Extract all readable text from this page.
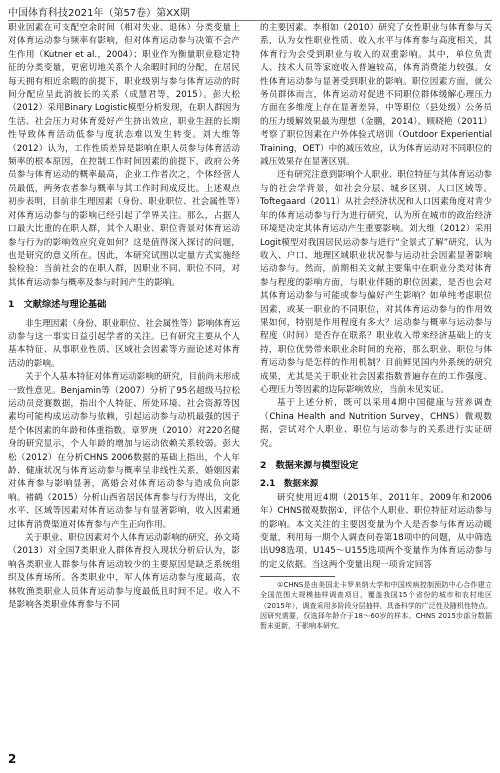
中国体育科技2021年（第57卷）第XX期

职业因素在可支配空余时间（相对失业、退休）分类变量上对体育运动参与频率有影响，但对体育运动参与决策不会产生作用（Kutner et al.，2004）；职业作为衡量职业稳定特征的分类变量，更密切地关系个人余暇时间的分配，在居民每天拥有相近余暇的前提下，职业级别与参与体育运动的时间分配应呈此消彼长的关系（成慧君等，2015）。彭大松（2012）采用Binary Logistic模型分析发现，在职人群因为生活、社会压力对体育爱好产生挤出效应，职业生涯的长期性导致体育活动低参与度状态难以发生转变。刘大维等（2012）认为，工作性质差异是影响在职人员参与体育活动频率的根本原因，在控制工作时间因素的前提下，政府公务员参与体育运动的概率最高，企业工作者次之，个体经营人员最低，两务农者参与概率与其工作时间成反比。上述观点初步表明，目前非生理因素（身份、职业职位、社会属性等）对体育运动参与的影响已经引起了学界关注。那么，占据人口最大比重的在职人群，其个人职业、职位背景对体育运动参与行为的影响效应究竟如何？这是值得深入探讨的问题，也是研究的意义所在。因此，本研究试图以定量方式实施经验检验：当前社会的在职人群，因职业不同、职位不同，对其体育运动参与概率及参与时间产生的影响。

1　文献综述与理论基础

非生理因素（身份、职业职位、社会属性等）影响体育运动参与这一事实日益引起学者的关注。已有研究主要从个人基本特征、从事职业性质、区域社会因素等方面论述对体育活动的影响。

关于个人基本特征对体育运动影响的研究，目前尚未形成一致性意见。Benjamin等（2007）分析了95名超级马拉松运动员竞赛数据，指出个人特征、所处环境、社会资源等因素均可能构成运动参与依赖，引起运动参与动机最强的因子是个体因素的年龄和体重指数。章罗庚（2010）对220名健身的研究显示，个人年龄的增加与运动依赖关系较弱。彭大松（2012）在分析CHNS 2006数据的基础上指出，个人年龄、健康状况与体育运动参与概率呈非线性关系，婚姻因素对体育参与影响显著，离婚会对体育运动参与造成负向影响。褚鹤（2015）分析山西省居民体育参与行为得出，文化水平、区域等因素对体育运动参与有显著影响，收入因素通过体育消费渠道对体育参与产生正向作用。

关于职业、职位因素对个人体育运动影响的研究，孙文琦（2013）对全国7类职业人群体育投入现状分析后认为，影响各类职业人群参与体育运动较少的主要原因是缺乏系统组织及体育场所。各类职业中，军人体育运动参与度最高，农林牧渔类职业人员体育运动参与度最低且时间不足。收入不是影响各类职业体育参与不同

的主要因素。李相如（2010）研究了女性职业与体育参与关系，认为女性职业性质、收入水平与体育参与高度相关，其体育行为会受到职业与收入的双重影响。其中，单位负责人、技术人员等家庭收入普遍较高，体育消费能力较强。女性体育运动参与显著受到职业的影响。职位因素方面，就公务员群体而言，体育运动对促进不同职位群体缓解心理压力方面在多维度上存在显著差异，中等职位（县处级）公务员的压力缓解效果最为理想（金鹏，2014）。顾晓艳（2011）考察了职位因素在户外体验式培训（Outdoor Experiential Training，OET）中的减压效应，认为体育运动对不同职位的减压效果存在显著区别。

还有研究注意到影响个人职业、职位特征与其体育运动参与的社会学背景，如社会分层、城乡区别、人口区域等。Toftegaard（2011）从社会经济状况和人口因素角度对青少年的体育运动参与行为进行研究，认为所在城市的政治经济环境是决定其体育运动产生重要影响。刘大维（2012）采用Logit模型对我国居民运动参与进行“全景式了解”研究，认为收入、户口、地理区域职业状况参与运动社会因素显著影响运动参与。然而，前期相关文献主要集中在职业分类对体育参与程度的影响方面，与职业伴随的职位因素，是否也会对其体育运动参与可能或参与偏好产生影响？如单纯考虑职位因素，或某一职业的不同职位，对其体育运动参与的作用效果如何，特别是作用程度有多大？运动参与概率与运动参与程度（时间）是否存在联系？职业收入带来经济基础上的支持，职位优势带来职业余时间的充裕，那么职业、职位与体育运动参与是怎样的作用机制？目前鲜见国内外系统的研究成果，尤其是关于职业社会因素指数普遍存在的工作强度、心理压力等因素的边际影响效应，当前未见实证。

基于上述分析，既可以采用4期中国健康与营养调查（China Health and Nutrition Survey，CHNS）微观数据，尝试对个人职业、职位与运动参与的关系进行实证研究。

2　数据来源与模型设定
2.1　数据来源

研究使用近4期（2015年、2011年、2009年和2006年）CHNS微观数据①，评估个人职业、职位特征对运动参与的影响。本文关注的主要因变量为个人是否参与体育运动暖变量，利用每一期个人调查问卷第18项中的问题，从中筛选出U98选项、U145～U155选项两个变量作为体育运动参与的定义依据。当这两个变量出现一项肯定回答

①CHNS是由美国北卡罗来纳大学和中国疾病控制预防中心合作建立全国范围大规模抽样调查项目，覆盖我国15个省份的城市和农村地区（2015年），调查采用多阶段分层抽样，具备科学的广泛性及随机性特点。因研究需要，仅选择年龄介于18～60岁的样本。CHNS 2015步部分数据暂未更新，不影响本研究。

2
